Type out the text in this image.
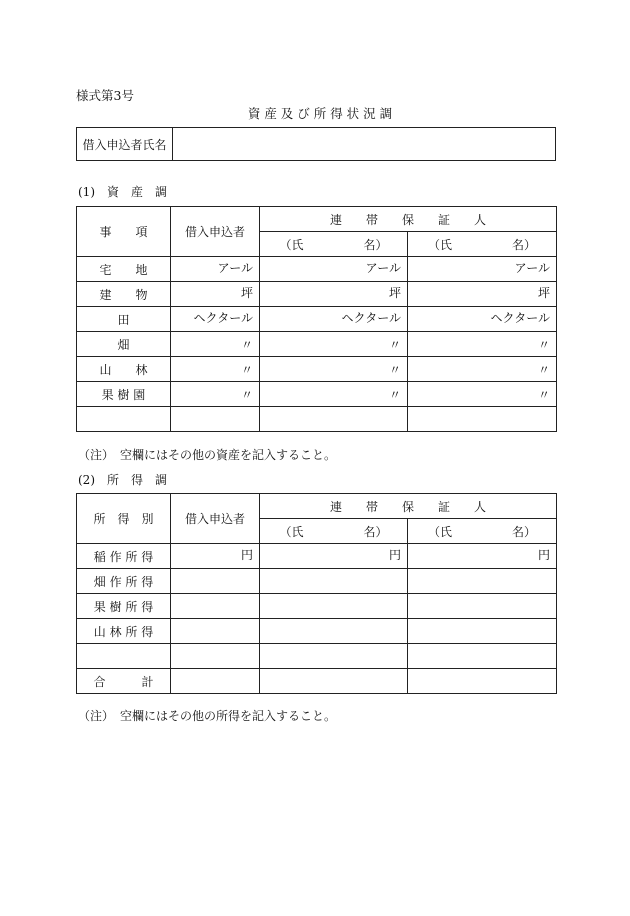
様式第3号
資 産 及 び 所 得 状 況 調
借入申込者氏名	
(1)　資　産　調
事　　項	借入申込者	連　　帯　　保　　証　　人	
		（氏　　　　　名）	（氏　　　　　名）
宅　　地	アール	アール	アール
建　　物	坪	坪	坪
田	ヘクタール	ヘクタール	ヘクタール
畑	〃	〃	〃
山　　林	〃	〃	〃
果 樹 園	〃	〃	〃

（注）　空欄にはその他の資産を記入すること。
(2)　所　得　調
所　得　別	借入申込者	連　　帯　　保　　証　　人	
		（氏　　　　　名）	（氏　　　　　名）
稲 作 所 得	円	円	円
畑 作 所 得			
果 樹 所 得			
山 林 所 得			

合　　　計			
（注）　空欄にはその他の所得を記入すること。
